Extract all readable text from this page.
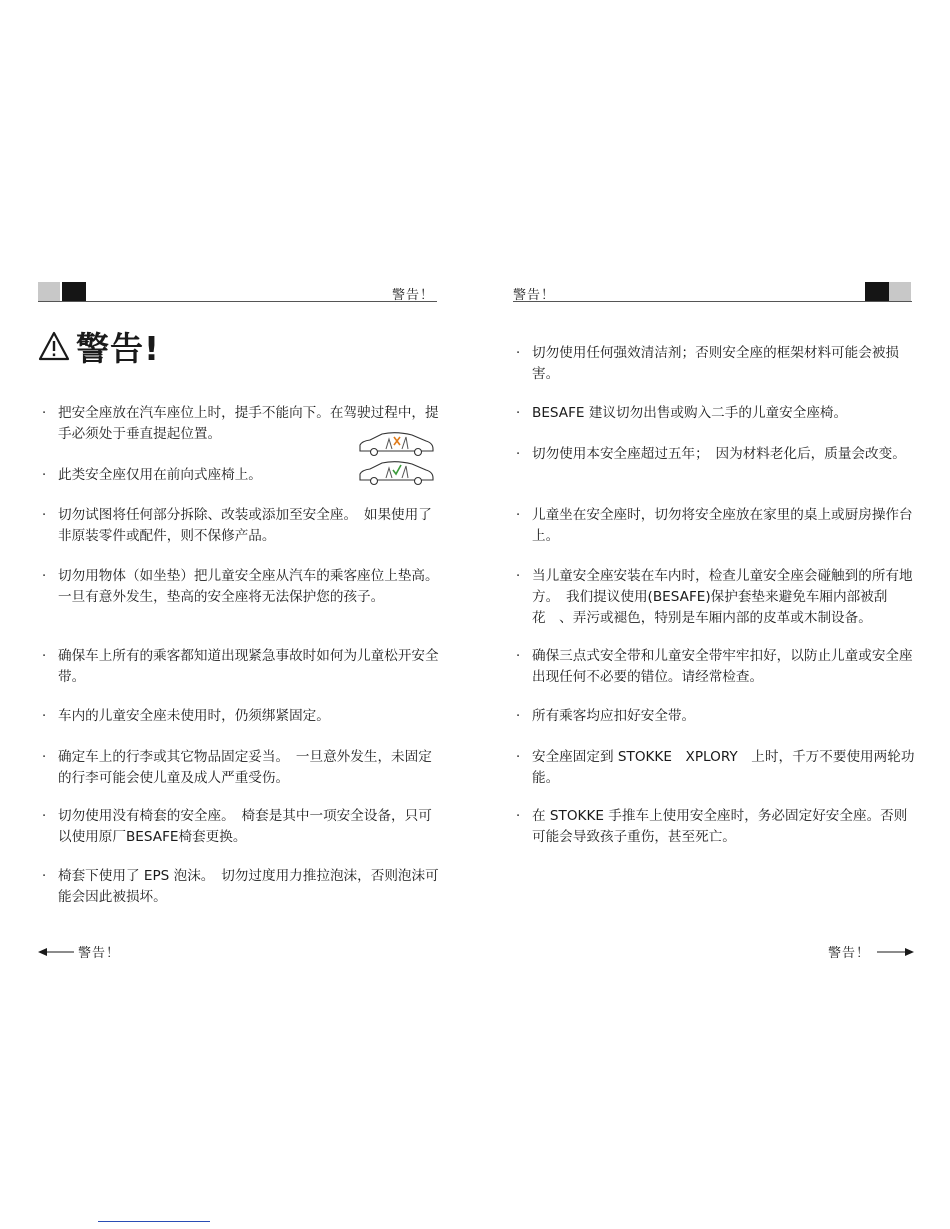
警告！
警告!
· 把安全座放在汽车座位上时，提手不能向下。在驾驶过程中，提手必须处于垂直提起位置。
· 此类安全座仅用在前向式座椅上。
· 切勿试图将任何部分拆除、改装或添加至安全座。　如果使用了非原装零件或配件，则不保修产品。
· 切勿用物体（如坐垫）把儿童安全座从汽车的乘客座位上垫高。　一旦有意外发生，垫高的安全座将无法保护您的孩子。
· 确保车上所有的乘客都知道出现紧急事故时如何为儿童松开安全带。
· 车内的儿童安全座未使用时，仍须绑紧固定。
· 确定车上的行李或其它物品固定妥当。　一旦意外发生，未固定的行李可能会使儿童及成人严重受伤。
· 切勿使用没有椅套的安全座。　椅套是其中一项安全设备，只可以使用原厂BESAFE椅套更换。
· 椅套下使用了 EPS 泡沫。　切勿过度用力推拉泡沫，否则泡沫可能会因此被损坏。
警告！
警告！
· 切勿使用任何强效清洁剂；否则安全座的框架材料可能会被损害。
· BESAFE 建议切勿出售或购入二手的儿童安全座椅。
· 切勿使用本安全座超过五年；　因为材料老化后，质量会改变。
· 儿童坐在安全座时，切勿将安全座放在家里的桌上或厨房操作台上。
· 当儿童安全座安装在车内时，检查儿童安全座会碰触到的所有地方。　我们提议使用(BESAFE)保护套垫来避免车厢内部被刮花　、弄污或褪色，特别是车厢内部的皮革或木制设备。
· 确保三点式安全带和儿童安全带牢牢扣好，以防止儿童或安全座出现任何不必要的错位。请经常检查。
· 所有乘客均应扣好安全带。
· 安全座固定到 STOKKE　XPLORY　上时，千万不要使用两轮功能。
· 在 STOKKE 手推车上使用安全座时，务必固定好安全座。否则可能会导致孩子重伤，甚至死亡。
警告！
